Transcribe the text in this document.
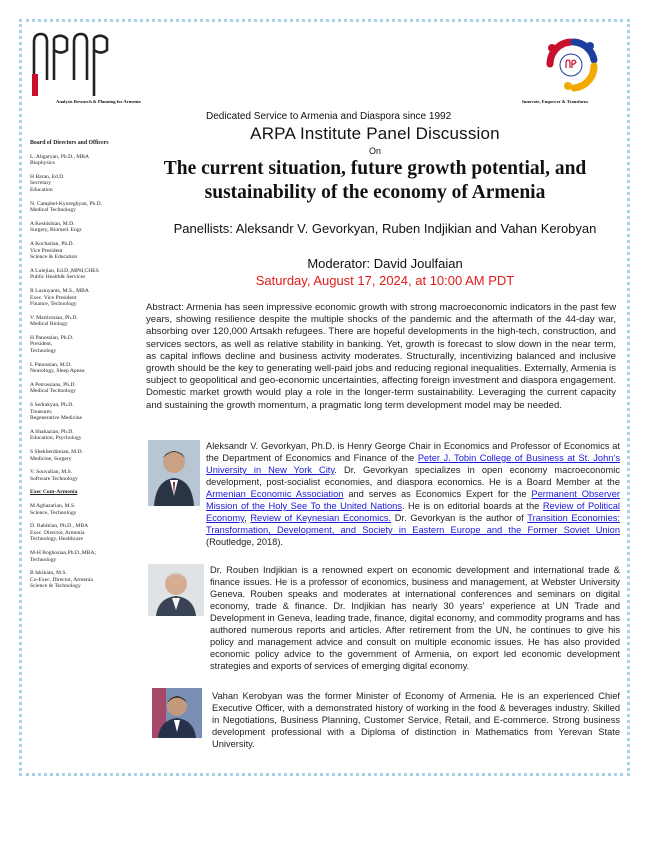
Analysis Research & Planning for Armenia	Innovate, Empower & Transform
Dedicated Service to Armenia and Diaspora since 1992
ARPA Institute Panel Discussion
On
The current situation, future growth potential, and sustainability of the economy of Armenia
Panellists: Aleksandr V. Gevorkyan, Ruben Indjikian and Vahan Kerobyan
Moderator: David Joulfaian
Saturday, August 17, 2024, at 10:00 AM PDT
Abstract: Armenia has seen impressive economic growth with strong macroeconomic indicators in the past few years, showing resilience despite the multiple shocks of the pandemic and the aftermath of the 44-day war, absorbing over 120,000 Artsakh refugees. There are hopeful developments in the high-tech, construction, and services sectors, as well as relative stability in banking. Yet, growth is forecast to slow down in the near term, as capital inflows decline and business activity moderates. Structurally, incentivizing balanced and inclusive growth should be the key to generating well-paid jobs and reducing regional inequalities. Externally, Armenia is subject to geopolitical and geo-economic uncertainties, affecting foreign investment and diaspora engagement. Domestic market growth would play a role in the longer-term sustainability. Leveraging the current capacity and sustaining the growth momentum, a pragmatic long term development model may be needed.
Aleksandr V. Gevorkyan, Ph.D. is Henry George Chair in Economics and Professor of Economics at the Department of Economics and Finance of the Peter J. Tobin College of Business at St. John’s University in New York City. Dr. Gevorkyan specializes in open economy macroeconomic development, post-socialist economies, and diaspora economics. He is a Board Member at the Armenian Economic Association and serves as Economics Expert for the Permanent Observer Mission of the Holy See To the United Nations. He is on editorial boards at the Review of Political Economy, Review of Keynesian Economics. Dr. Gevorkyan is the author of Transition Economies: Transformation, Development, and Society in Eastern Europe and the Former Soviet Union (Routledge, 2018).
Dr. Rouben Indjikian is a renowned expert on economic development and international trade & finance issues. He is a professor of economics, business and management, at Webster University Geneva. Rouben speaks and moderates at international conferences and seminars on digital economy, trade & finance. Dr. Indjikian has nearly 30 years’ experience at UN Trade and Development in Geneva, leading trade, finance, digital economy, and commodity programs and has authored numerous reports and articles. After retirement from the UN, he continues to give his policy and management advice and consult on multiple economic issues. He has also provided economic policy advice to the government of Armenia, on export led economic development strategies and exports of services of emerging digital economy.
Vahan Kerobyan was the former Minister of Economy of Armenia. He is an experienced Chief Executive Officer, with a demonstrated history of working in the food & beverages industry. Skilled in Negotiations, Business Planning, Customer Service, Retail, and E-commerce. Strong business development professional with a Diploma of distinction in Mathematics from Yerevan State University.
Board of Directors and Officers
L. Abgaryan, Ph.D., MBA
Biophysics
H Baran, Ed.D.
Secretary
Education
N. Campbel-Kyureghyan, Ph.D.
Medical Technology
A Keshishian, M.D.
Surgery, Biomed. Engr.
A Kocharian, Ph.D.
Vice President
Science & Education
A Lulejian, Ed.D.,MPH,CHES
Public Health& Services
R Lusinyants, M.S., MBA
Exec. Vice President
Finance, Technology
V. Martirosian, Ph.D.
Medical Biology
H Panossian, Ph.D.
President,
Technology
L Panossian, M.D.
Neurology, Sleep Apnea
A Petrossians, Ph.D.
Medical Technology
S Sedrakyan, Ph.D.
Treasurer,
Regenerative Medicine
A Shahazian, Ph.D.
Education, Psychology
S Shekherdimian, M.D.
Medicine, Surgery
V. Souvalian, M.S.
Software Technology
Exec Com-Armenia
M Aghazarian, M.S.
Science, Technology
D. Babikian, Ph.D., MBA
Exec. Director, Armenia
Technology, Healthcare
M-H Boghosian,Ph.D.,MBA;
Technology
B Iskikian, M.S.
Co-Exec. Director, Armenia
Science & Technology
